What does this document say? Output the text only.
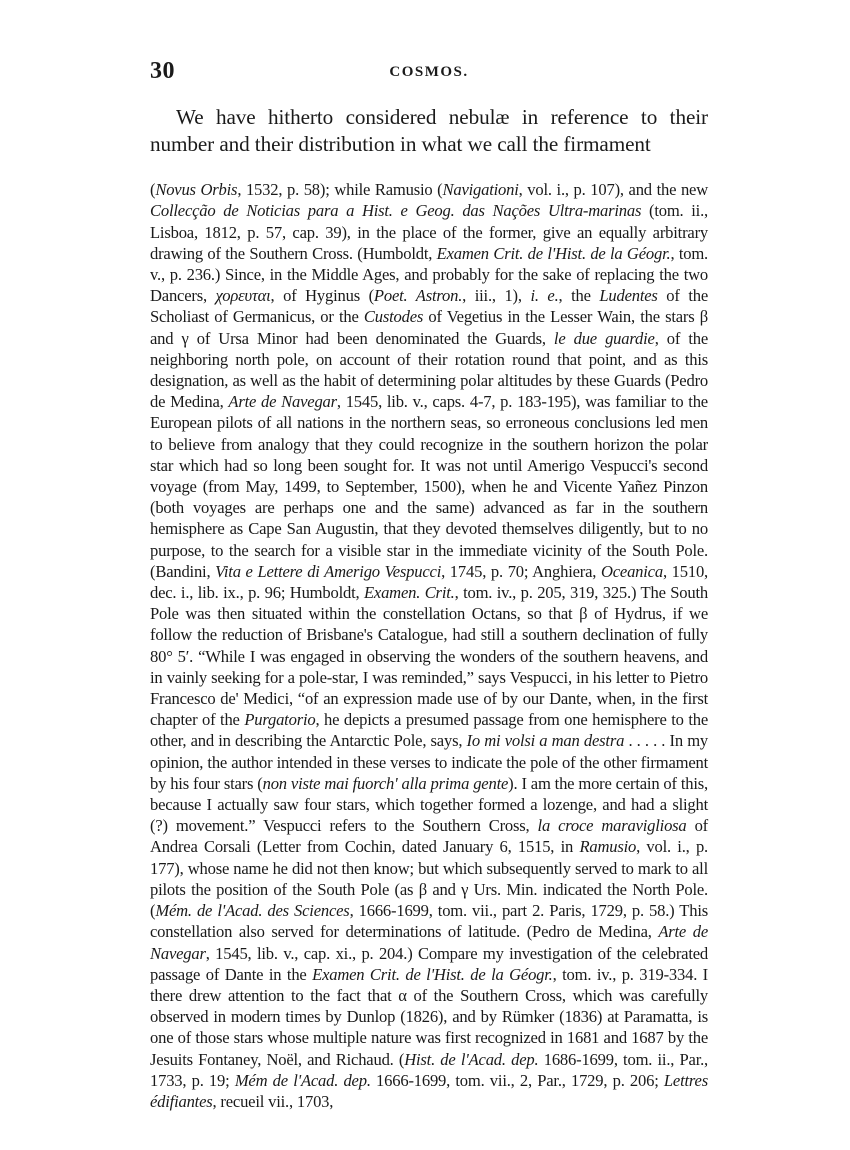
30	COSMOS.

We have hitherto considered nebulæ in reference to their number and their distribution in what we call the firmament

(Novus Orbis, 1532, p. 58); while Ramusio (Navigationi, vol. i., p. 107), and the new Collecção de Noticias para a Hist. e Geog. das Nações Ultra-marinas (tom. ii., Lisboa, 1812, p. 57, cap. 39), in the place of the former, give an equally arbitrary drawing of the Southern Cross. (Humboldt, Examen Crit. de l'Hist. de la Géogr., tom. v., p. 236.) Since, in the Middle Ages, and probably for the sake of replacing the two Dancers, χορευται, of Hyginus (Poet. Astron., iii., 1), i. e., the Ludentes of the Scholiast of Germanicus, or the Custodes of Vegetius in the Lesser Wain, the stars β and γ of Ursa Minor had been denominated the Guards, le due guardie, of the neighboring north pole, on account of their rotation round that point, and as this designation, as well as the habit of determining polar altitudes by these Guards (Pedro de Medina, Arte de Navegar, 1545, lib. v., caps. 4-7, p. 183-195), was familiar to the European pilots of all nations in the northern seas, so erroneous conclusions led men to believe from analogy that they could recognize in the southern horizon the polar star which had so long been sought for. It was not until Amerigo Vespucci's second voyage (from May, 1499, to September, 1500), when he and Vicente Yañez Pinzon (both voyages are perhaps one and the same) advanced as far in the southern hemisphere as Cape San Augustin, that they devoted themselves diligently, but to no purpose, to the search for a visible star in the immediate vicinity of the South Pole. (Bandini, Vita e Lettere di Amerigo Vespucci, 1745, p. 70; Anghiera, Oceanica, 1510, dec. i., lib. ix., p. 96; Humboldt, Examen. Crit., tom. iv., p. 205, 319, 325.) The South Pole was then situated within the constellation Octans, so that β of Hydrus, if we follow the reduction of Brisbane's Catalogue, had still a southern declination of fully 80° 5′. “While I was engaged in observing the wonders of the southern heavens, and in vainly seeking for a pole-star, I was reminded,” says Vespucci, in his letter to Pietro Francesco de' Medici, “of an expression made use of by our Dante, when, in the first chapter of the Purgatorio, he depicts a presumed passage from one hemisphere to the other, and in describing the Antarctic Pole, says, Io mi volsi a man destra . . . . . In my opinion, the author intended in these verses to indicate the pole of the other firmament by his four stars (non viste mai fuorch' alla prima gente). I am the more certain of this, because I actually saw four stars, which together formed a lozenge, and had a slight (?) movement.” Vespucci refers to the Southern Cross, la croce maravigliosa of Andrea Corsali (Letter from Cochin, dated January 6, 1515, in Ramusio, vol. i., p. 177), whose name he did not then know; but which subsequently served to mark to all pilots the position of the South Pole (as β and γ Urs. Min. indicated the North Pole. (Mém. de l'Acad. des Sciences, 1666-1699, tom. vii., part 2. Paris, 1729, p. 58.) This constellation also served for determinations of latitude. (Pedro de Medina, Arte de Navegar, 1545, lib. v., cap. xi., p. 204.) Compare my investigation of the celebrated passage of Dante in the Examen Crit. de l'Hist. de la Géogr., tom. iv., p. 319-334. I there drew attention to the fact that α of the Southern Cross, which was carefully observed in modern times by Dunlop (1826), and by Rümker (1836) at Paramatta, is one of those stars whose multiple nature was first recognized in 1681 and 1687 by the Jesuits Fontaney, Noël, and Richaud. (Hist. de l'Acad. dep. 1686-1699, tom. ii., Par., 1733, p. 19; Mém de l'Acad. dep. 1666-1699, tom. vii., 2, Par., 1729, p. 206; Lettres édifiantes, recueil vii., 1703,
